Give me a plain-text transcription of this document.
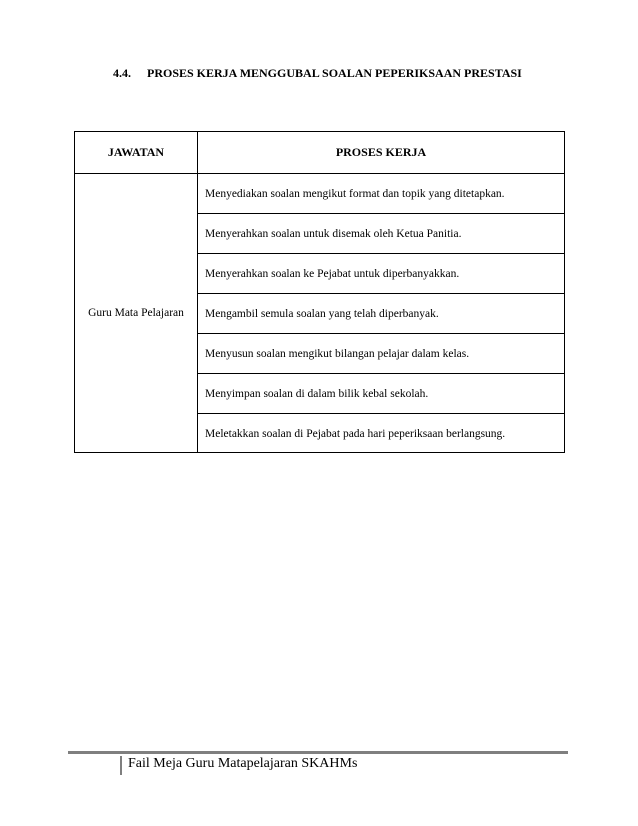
4.4. PROSES KERJA MENGGUBAL SOALAN PEPERIKSAAN PRESTASI
JAWATAN	PROSES KERJA
Guru Mata Pelajaran
Menyediakan soalan mengikut format dan topik yang ditetapkan.
Menyerahkan soalan untuk disemak oleh Ketua Panitia.
Menyerahkan soalan ke Pejabat untuk diperbanyakkan.
Mengambil semula soalan yang telah diperbanyak.
Menyusun soalan mengikut bilangan pelajar dalam kelas.
Menyimpan soalan di dalam bilik kebal sekolah.
Meletakkan soalan di Pejabat pada hari peperiksaan berlangsung.
Fail Meja Guru Matapelajaran SKAHMs
